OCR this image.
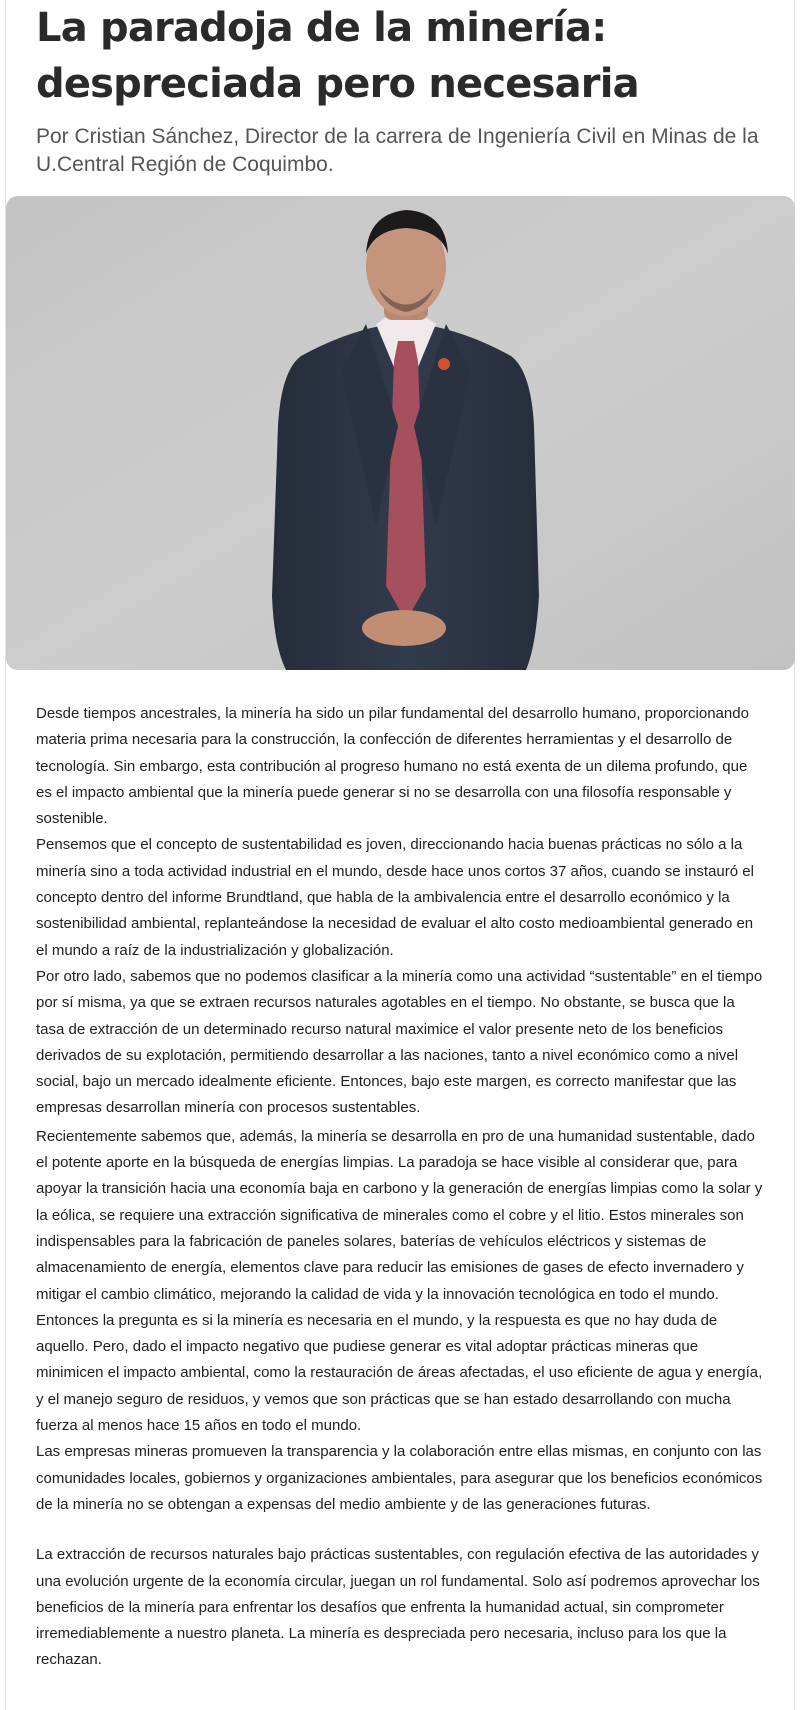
La paradoja de la minería:
despreciada pero necesaria

Por Cristian Sánchez, Director de la carrera de Ingeniería Civil en Minas de la U.Central Región de Coquimbo.

Desde tiempos ancestrales, la minería ha sido un pilar fundamental del desarrollo humano, proporcionando materia prima necesaria para la construcción, la confección de diferentes herramientas y el desarrollo de tecnología. Sin embargo, esta contribución al progreso humano no está exenta de un dilema profundo, que es el impacto ambiental que la minería puede generar si no se desarrolla con una filosofía responsable y sostenible.

Pensemos que el concepto de sustentabilidad es joven, direccionando hacia buenas prácticas no sólo a la minería sino a toda actividad industrial en el mundo, desde hace unos cortos 37 años, cuando se instauró el concepto dentro del informe Brundtland, que habla de la ambivalencia entre el desarrollo económico y la sostenibilidad ambiental, replanteándose la necesidad de evaluar el alto costo medioambiental generado en el mundo a raíz de la industrialización y globalización.

Por otro lado, sabemos que no podemos clasificar a la minería como una actividad “sustentable” en el tiempo por sí misma, ya que se extraen recursos naturales agotables en el tiempo. No obstante, se busca que la tasa de extracción de un determinado recurso natural maximice el valor presente neto de los beneficios derivados de su explotación, permitiendo desarrollar a las naciones, tanto a nivel económico como a nivel social, bajo un mercado idealmente eficiente. Entonces, bajo este margen, es correcto manifestar que las empresas desarrollan minería con procesos sustentables.

Recientemente sabemos que, además, la minería se desarrolla en pro de una humanidad sustentable, dado el potente aporte en la búsqueda de energías limpias. La paradoja se hace visible al considerar que, para apoyar la transición hacia una economía baja en carbono y la generación de energías limpias como la solar y la eólica, se requiere una extracción significativa de minerales como el cobre y el litio. Estos minerales son indispensables para la fabricación de paneles solares, baterías de vehículos eléctricos y sistemas de almacenamiento de energía, elementos clave para reducir las emisiones de gases de efecto invernadero y mitigar el cambio climático, mejorando la calidad de vida y la innovación tecnológica en todo el mundo.

Entonces la pregunta es si la minería es necesaria en el mundo, y la respuesta es que no hay duda de aquello. Pero, dado el impacto negativo que pudiese generar es vital adoptar prácticas mineras que minimicen el impacto ambiental, como la restauración de áreas afectadas, el uso eficiente de agua y energía, y el manejo seguro de residuos, y vemos que son prácticas que se han estado desarrollando con mucha fuerza al menos hace 15 años en todo el mundo.

Las empresas mineras promueven la transparencia y la colaboración entre ellas mismas, en conjunto con las comunidades locales, gobiernos y organizaciones ambientales, para asegurar que los beneficios económicos de la minería no se obtengan a expensas del medio ambiente y de las generaciones futuras.

La extracción de recursos naturales bajo prácticas sustentables, con regulación efectiva de las autoridades y una evolución urgente de la economía circular, juegan un rol fundamental. Solo así podremos aprovechar los beneficios de la minería para enfrentar los desafíos que enfrenta la humanidad actual, sin comprometer irremediablemente a nuestro planeta. La minería es despreciada pero necesaria, incluso para los que la rechazan.
